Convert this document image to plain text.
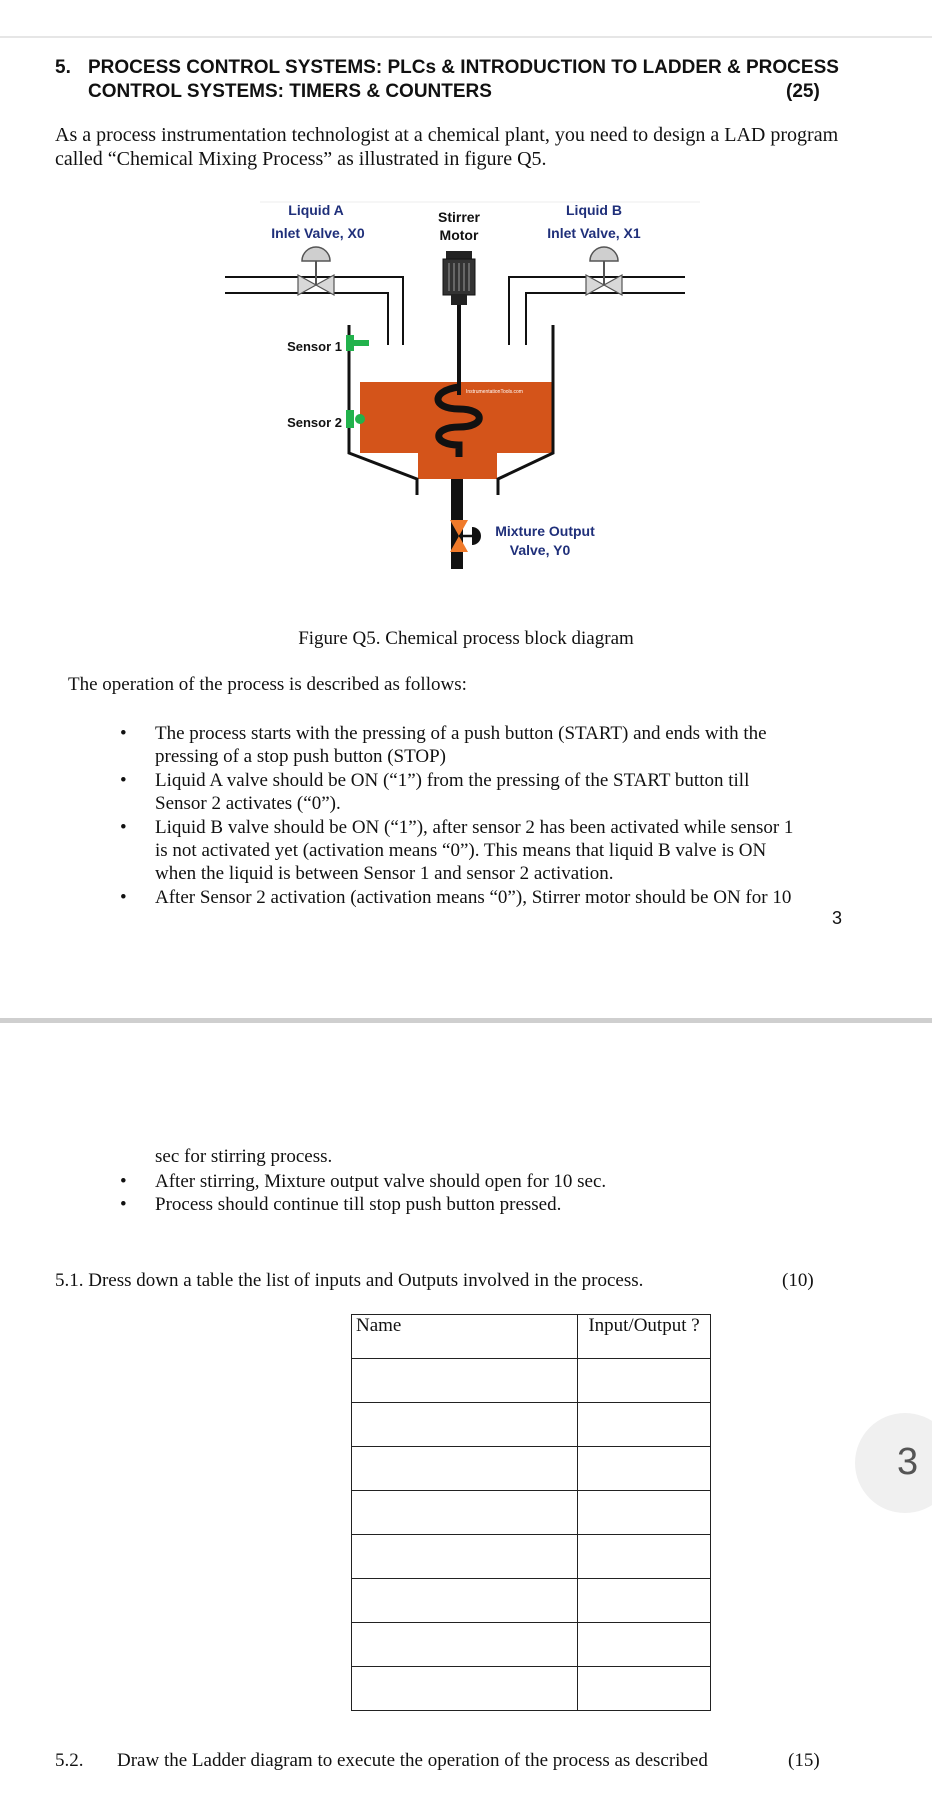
5. PROCESS CONTROL SYSTEMS: PLCs & INTRODUCTION TO LADDER & PROCESS
CONTROL SYSTEMS: TIMERS & COUNTERS	(25)
As a process instrumentation technologist at a chemical plant, you need to design a LAD program
called “Chemical Mixing Process” as illustrated in figure Q5.
Liquid A
Inlet Valve, X0
Stirrer
Motor
Liquid B
Inlet Valve, X1
InstrumentationTools.com
Sensor 1
Sensor 2
Mixture Output
Valve, Y0
Figure Q5. Chemical process block diagram
The operation of the process is described as follows:
• The process starts with the pressing of a push button (START) and ends with the
pressing of a stop push button (STOP)
• Liquid A valve should be ON (“1”) from the pressing of the START button till
Sensor 2 activates (“0”).
• Liquid B valve should be ON (“1”), after sensor 2 has been activated while sensor 1
is not activated yet (activation means “0”). This means that liquid B valve is ON
when the liquid is between Sensor 1 and sensor 2 activation.
• After Sensor 2 activation (activation means “0”), Stirrer motor should be ON for 10
3
sec for stirring process.
• After stirring, Mixture output valve should open for 10 sec.
• Process should continue till stop push button pressed.
5.1. Dress down a table the list of inputs and Outputs involved in the process.	(10)
Name	Input/Output ?

3
5.2. Draw the Ladder diagram to execute the operation of the process as described	(15)
